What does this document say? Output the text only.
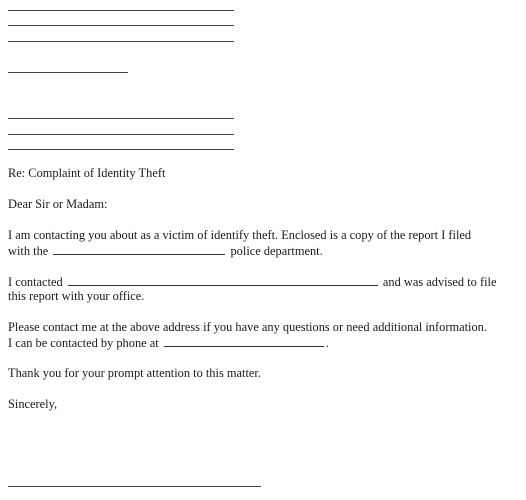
Re: Complaint of Identity Theft
Dear Sir or Madam:
I am contacting you about as a victim of identify theft. Enclosed is a copy of the report I filed
with the	police department.
I contacted	and was advised to file
this report with your office.
Please contact me at the above address if you have any questions or need additional information.
I can be contacted by phone at	.
Thank you for your prompt attention to this matter.
Sincerely,
